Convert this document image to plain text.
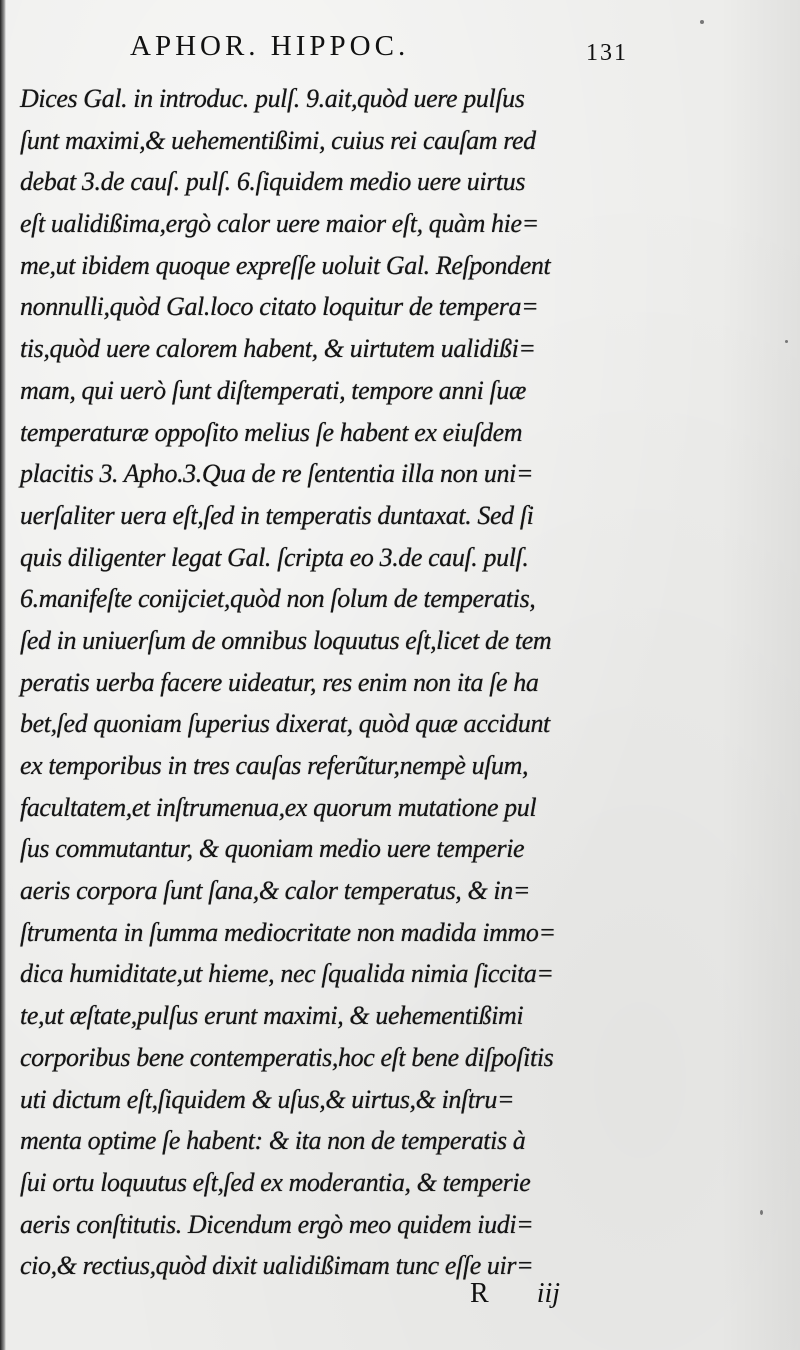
APHOR. HIPPOC.	131
Dices Gal. in introduc. pulſ. 9.ait,quòd uere pulſus
ſunt maximi,& uehementißimi, cuius rei cauſam red
debat 3.de cauſ. pulſ. 6.ſiquidem medio uere uirtus
eſt ualidißima,ergò calor uere maior eſt, quàm hie=
me,ut ibidem quoque expreſſe uoluit Gal. Reſpondent
nonnulli,quòd Gal.loco citato loquitur de tempera=
tis,quòd uere calorem habent, & uirtutem ualidißi=
mam, qui uerò ſunt diſtemperati, tempore anni ſuæ
temperaturæ oppoſito melius ſe habent ex eiuſdem
placitis 3. Apho.3.Qua de re ſententia illa non uni=
uerſaliter uera eſt,ſed in temperatis duntaxat. Sed ſi
quis diligenter legat Gal. ſcripta eo 3.de cauſ. pulſ.
6.manifeſte conijciet,quòd non ſolum de temperatis,
ſed in uniuerſum de omnibus loquutus eſt,licet de tem
peratis uerba facere uideatur, res enim non ita ſe ha
bet,ſed quoniam ſuperius dixerat, quòd quæ accidunt
ex temporibus in tres cauſas referũtur,nempè uſum,
facultatem,et inſtrumenua,ex quorum mutatione pul
ſus commutantur, & quoniam medio uere temperie
aeris corpora ſunt ſana,& calor temperatus, & in=
ſtrumenta in ſumma mediocritate non madida immo=
dica humiditate,ut hieme, nec ſqualida nimia ſiccita=
te,ut æſtate,pulſus erunt maximi, & uehementißimi
corporibus bene contemperatis,hoc eſt bene diſpoſitis
uti dictum eſt,ſiquidem & uſus,& uirtus,& inſtru=
menta optime ſe habent: & ita non de temperatis à
ſui ortu loquutus eſt,ſed ex moderantia, & temperie
aeris conſtitutis. Dicendum ergò meo quidem iudi=
cio,& rectius,quòd dixit ualidißimam tunc eſſe uir=
R iij
